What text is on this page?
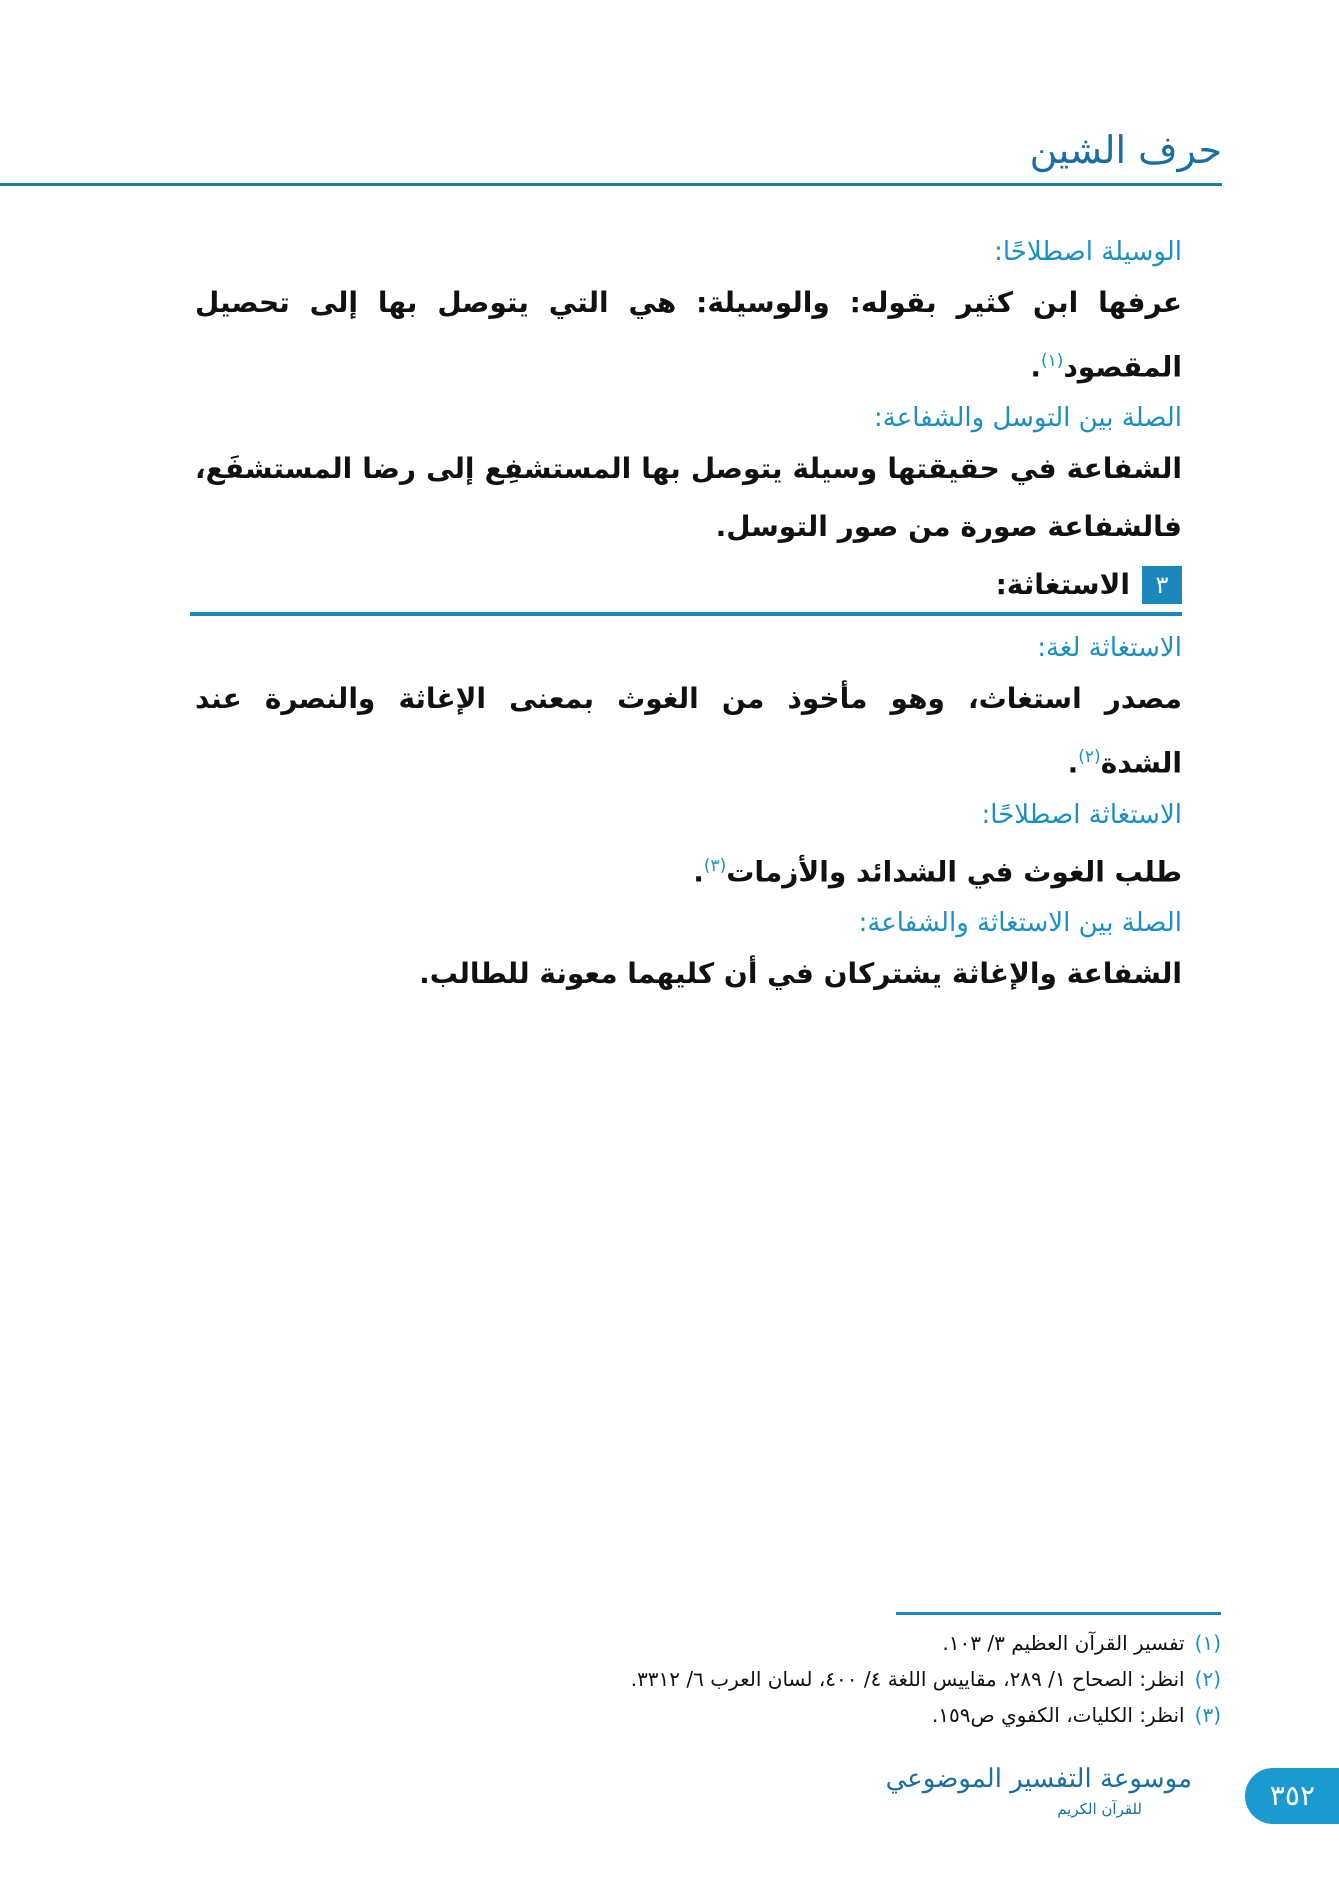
حرف الشين
الوسيلة اصطلاحًا:
عرفها ابن كثير بقوله: والوسيلة: هي التي يتوصل بها إلى تحصيل المقصود$^{(١)}$.
الصلة بين التوسل والشفاعة:
الشفاعة في حقيقتها وسيلة يتوصل بها المستشفِع إلى رضا المستشفَع، فالشفاعة صورة من صور التوسل.
٣
الاستغاثة:
الاستغاثة لغة:
مصدر استغاث، وهو مأخوذ من الغوث بمعنى الإغاثة والنصرة عند الشدة$^{(٢)}$.
الاستغاثة اصطلاحًا:
طلب الغوث في الشدائد والأزمات$^{(٣)}$.
الصلة بين الاستغاثة والشفاعة:
الشفاعة والإغاثة يشتركان في أن كليهما معونة للطالب.
(١)تفسير القرآن العظيم ٣/ ١٠٣.
(٢)انظر: الصحاح ١/ ٢٨٩، مقاييس اللغة ٤/ ٤٠٠، لسان العرب ٦/ ٣٣١٢.
(٣)انظر: الكليات، الكفوي ص١٥٩.
موسوعة التفسير الموضوعي
للقرآن الكريم	٣٥٢
